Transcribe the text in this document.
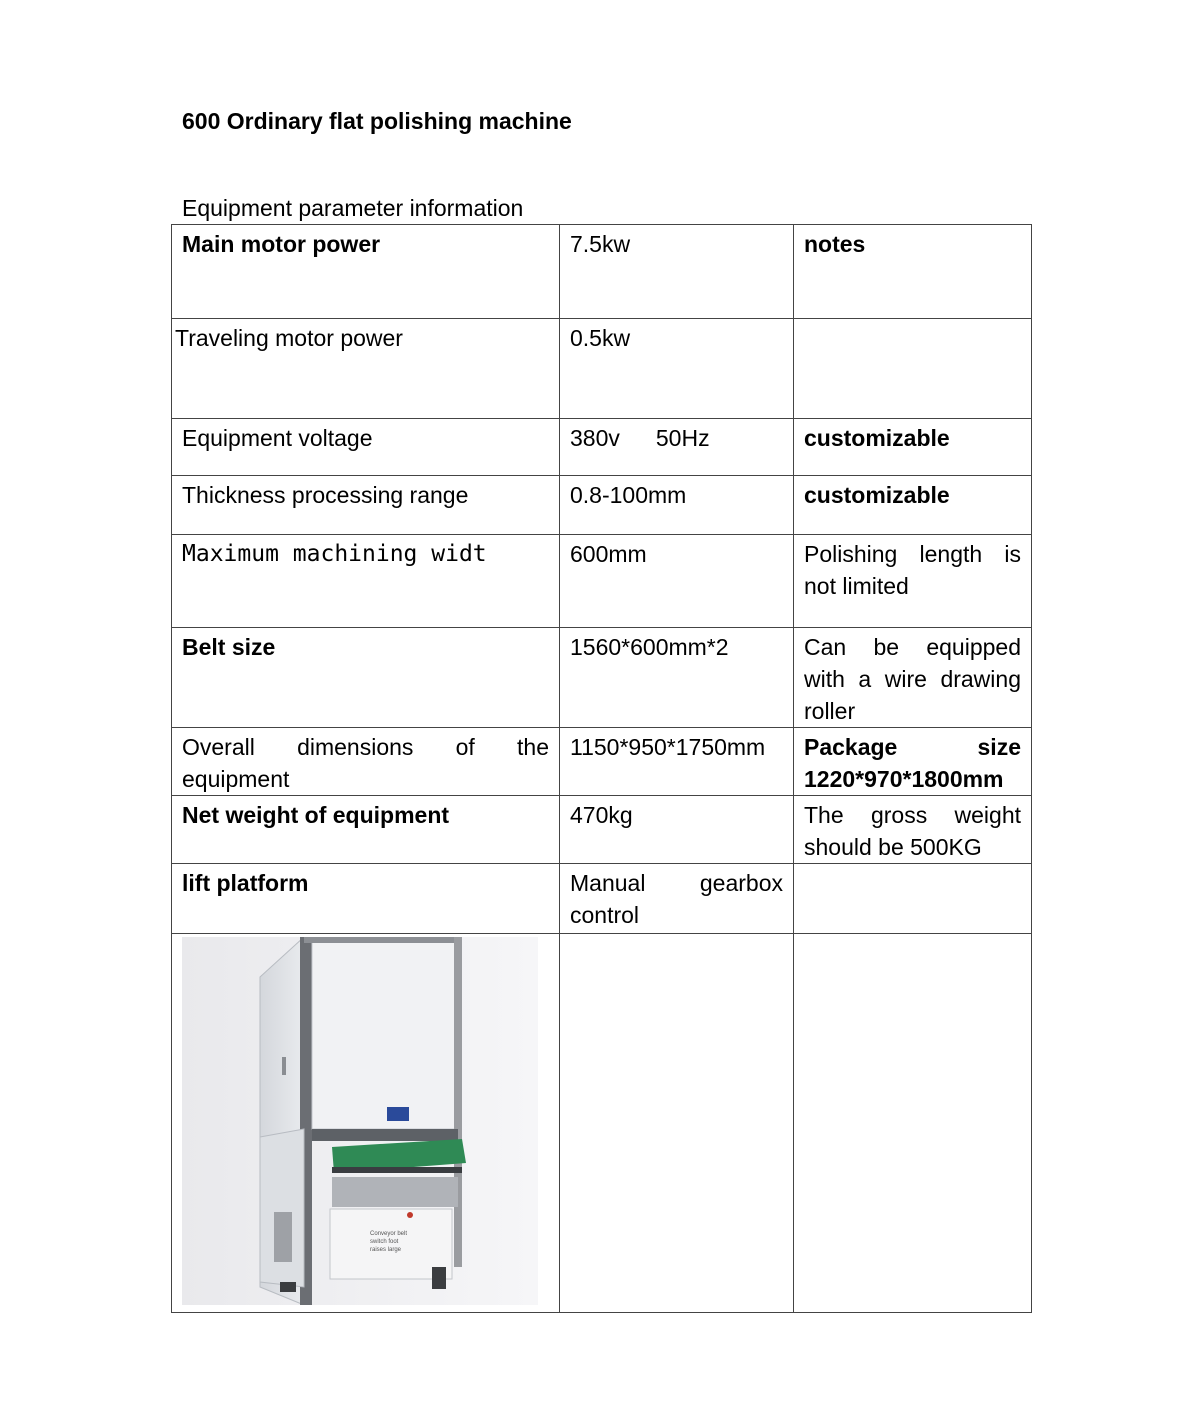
600 Ordinary flat polishing machine
Equipment parameter information
Main motor power	7.5kw	notes
Traveling motor power	0.5kw	
Equipment voltage	380v 50Hz	customizable
Thickness processing range	0.8-100mm	customizable
Maximum machining widt	600mm	Polishing length is not limited
Belt size	1560*600mm*2	Can be equipped with a wire drawing roller
Overall dimensions of the equipment	1150*950*1750mm	Package size 1220*970*1800mm
Net weight of equipment	470kg	The gross weight should be 500KG
lift platform	Manual gearbox control	

Conveyor belt
switch foot
raises large		
